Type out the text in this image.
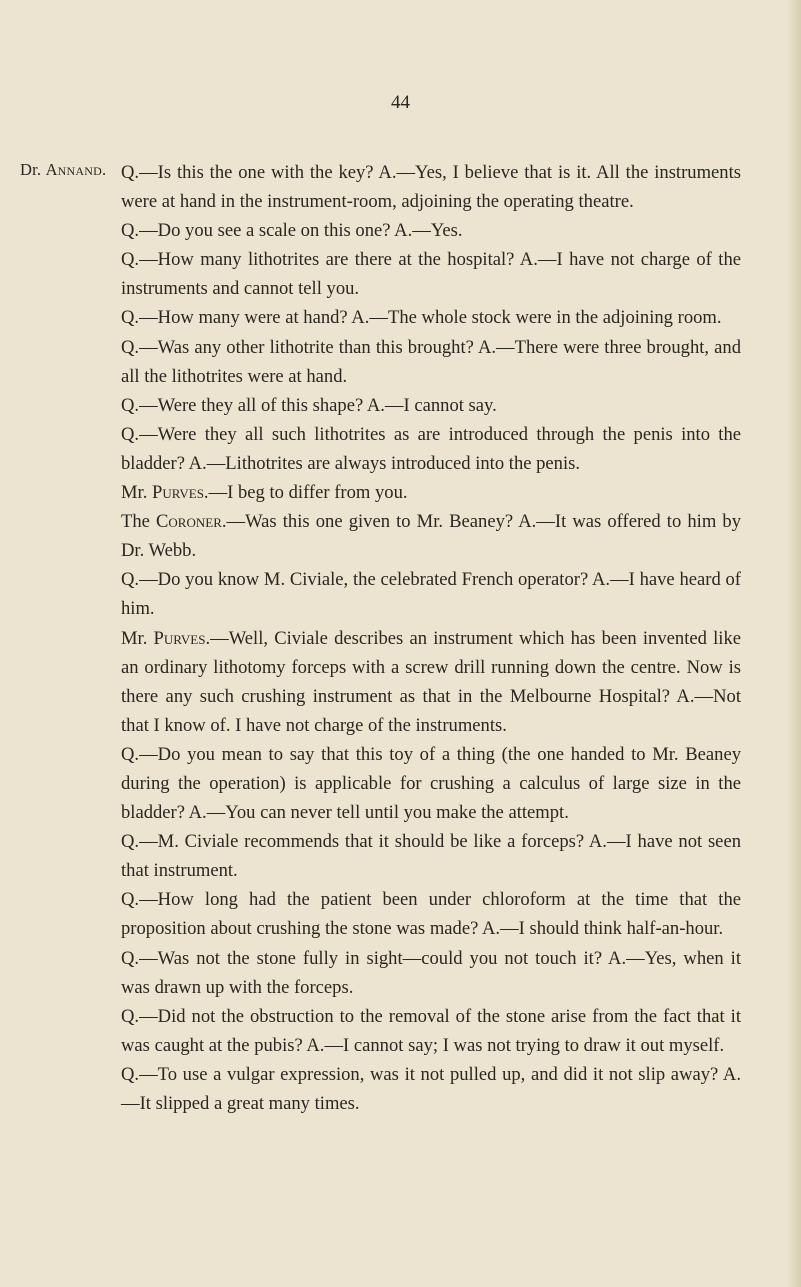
44
Dr. Annand. Q.—Is this the one with the key? A.—Yes, I believe that is it. All the instruments were at hand in the instrument-room, adjoining the operating theatre.

Q.—Do you see a scale on this one? A.—Yes.

Q.—How many lithotrites are there at the hospital? A.—I have not charge of the instruments and cannot tell you.

Q.—How many were at hand? A.—The whole stock were in the adjoining room.

Q.—Was any other lithotrite than this brought? A.—There were three brought, and all the lithotrites were at hand.

Q.—Were they all of this shape? A.—I cannot say.

Q.—Were they all such lithotrites as are introduced through the penis into the bladder? A.—Lithotrites are always introduced into the penis.

Mr. Purves.—I beg to differ from you.

The Coroner.—Was this one given to Mr. Beaney? A.—It was offered to him by Dr. Webb.

Q.—Do you know M. Civiale, the celebrated French operator? A.—I have heard of him.

Mr. Purves.—Well, Civiale describes an instrument which has been invented like an ordinary lithotomy forceps with a screw drill running down the centre. Now is there any such crushing instrument as that in the Melbourne Hospital? A.—Not that I know of. I have not charge of the instruments.

Q.—Do you mean to say that this toy of a thing (the one handed to Mr. Beaney during the operation) is applicable for crushing a calculus of large size in the bladder? A.—You can never tell until you make the attempt.

Q.—M. Civiale recommends that it should be like a forceps? A.—I have not seen that instrument.

Q.—How long had the patient been under chloroform at the time that the proposition about crushing the stone was made? A.—I should think half-an-hour.

Q.—Was not the stone fully in sight—could you not touch it? A.—Yes, when it was drawn up with the forceps.

Q.—Did not the obstruction to the removal of the stone arise from the fact that it was caught at the pubis? A.—I cannot say; I was not trying to draw it out myself.

Q.—To use a vulgar expression, was it not pulled up, and did it not slip away? A.—It slipped a great many times.
